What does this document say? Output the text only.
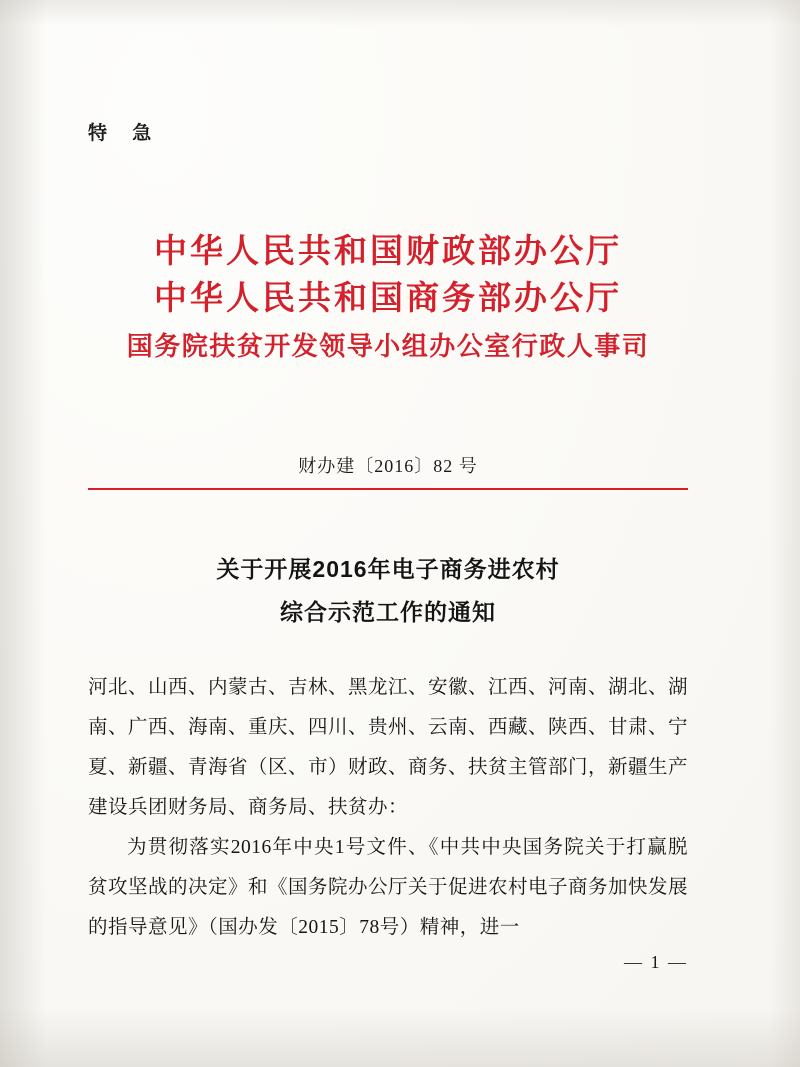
特 急
中华人民共和国财政部办公厅
中华人民共和国商务部办公厅
国务院扶贫开发领导小组办公室行政人事司
财办建〔2016〕82 号
关于开展2016年电子商务进农村
综合示范工作的通知
河北、山西、内蒙古、吉林、黑龙江、安徽、江西、河南、湖北、湖南、广西、海南、重庆、四川、贵州、云南、西藏、陕西、甘肃、宁夏、新疆、青海省（区、市）财政、商务、扶贫主管部门，新疆生产建设兵团财务局、商务局、扶贫办：
为贯彻落实2016年中央1号文件、《中共中央国务院关于打赢脱贫攻坚战的决定》和《国务院办公厅关于促进农村电子商务加快发展的指导意见》（国办发〔2015〕78号）精神，进一
— 1 —
